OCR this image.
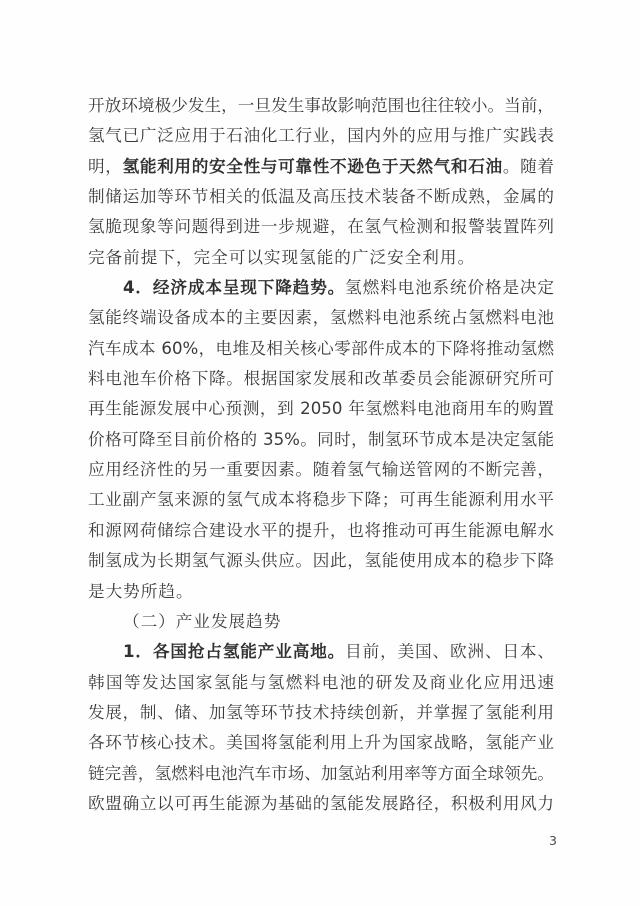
开放环境极少发生，一旦发生事故影响范围也往往较小。当前，
氢气已广泛应用于石油化工行业，国内外的应用与推广实践表
明，氢能利用的安全性与可靠性不逊色于天然气和石油。随着
制储运加等环节相关的低温及高压技术装备不断成熟，金属的
氢脆现象等问题得到进一步规避，在氢气检测和报警装置阵列
完备前提下，完全可以实现氢能的广泛安全利用。
4．经济成本呈现下降趋势。氢燃料电池系统价格是决定
氢能终端设备成本的主要因素，氢燃料电池系统占氢燃料电池
汽车成本 60%，电堆及相关核心零部件成本的下降将推动氢燃
料电池车价格下降。根据国家发展和改革委员会能源研究所可
再生能源发展中心预测，到 2050 年氢燃料电池商用车的购置
价格可降至目前价格的 35%。同时，制氢环节成本是决定氢能
应用经济性的另一重要因素。随着氢气输送管网的不断完善，
工业副产氢来源的氢气成本将稳步下降；可再生能源利用水平
和源网荷储综合建设水平的提升，也将推动可再生能源电解水
制氢成为长期氢气源头供应。因此，氢能使用成本的稳步下降
是大势所趋。
（二）产业发展趋势
1．各国抢占氢能产业高地。目前，美国、欧洲、日本、
韩国等发达国家氢能与氢燃料电池的研发及商业化应用迅速
发展，制、储、加氢等环节技术持续创新，并掌握了氢能利用
各环节核心技术。美国将氢能利用上升为国家战略，氢能产业
链完善，氢燃料电池汽车市场、加氢站利用率等方面全球领先。
欧盟确立以可再生能源为基础的氢能发展路径，积极利用风力
3
